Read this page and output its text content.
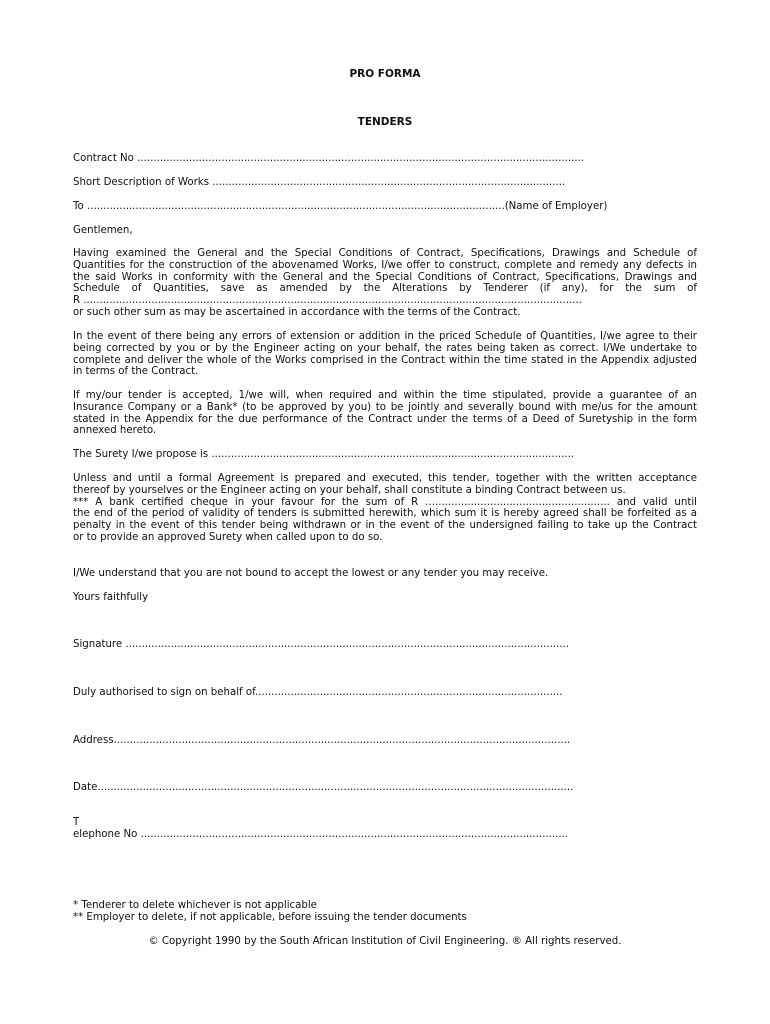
PRO FORMA
TENDERS
Contract No ..........................................................................................................................................
Short Description of Works .............................................................................................................
To .................................................................................................................................(Name of Employer)
Gentlemen,
Having examined the General and the Special Conditions of Contract, Specifications, Drawings and Schedule of
Quantities for the construction of the abovenamed Works, I/we offer to construct, complete and remedy any defects in
the said Works in conformity with the General and the Special Conditions of Contract, Specifications, Drawings and
Schedule of Quantities, save as amended by the Alterations by Tenderer (if any), for the sum of
R ..........................................................................................................................................................
or such other sum as may be ascertained in accordance with the terms of the Contract.
In the event of there being any errors of extension or addition in the priced Schedule of Quantities, I/we agree to their
being corrected by you or by the Engineer acting on your behalf, the rates being taken as correct. I/We undertake to
complete and deliver the whole of the Works comprised in the Contract within the time stated in the Appendix adjusted
in terms of the Contract.
If my/our tender is accepted, 1/we will, when required and within the time stipulated, provide a guarantee of an
Insurance Company or a Bank* (to be approved by you) to be jointly and severally bound with me/us for the amount
stated in the Appendix for the due performance of the Contract under the terms of a Deed of Suretyship in the form
annexed hereto.
The Surety I/we propose is ................................................................................................................
Unless and until a formal Agreement is prepared and executed, this tender, together with the written acceptance
thereof by yourselves or the Engineer acting on your behalf, shall constitute a binding Contract between us.
*** A bank certified cheque in your favour for the sum of R ......................................................... and valid until
the end of the period of validity of tenders is submitted herewith, which sum it is hereby agreed shall be forfeited as a
penalty in the event of this tender being withdrawn or in the event of the undersigned failing to take up the Contract
or to provide an approved Surety when called upon to do so.
I/We understand that you are not bound to accept the lowest or any tender you may receive.
Yours faithfully
Signature .........................................................................................................................................
Duly authorised to sign on behalf of...............................................................................................
Address.............................................................................................................................................
Date...................................................................................................................................................
T
elephone No ....................................................................................................................................
* Tenderer to delete whichever is not applicable
** Employer to delete, if not applicable, before issuing the tender documents
© Copyright 1990 by the South African Institution of Civil Engineering. ® All rights reserved.
